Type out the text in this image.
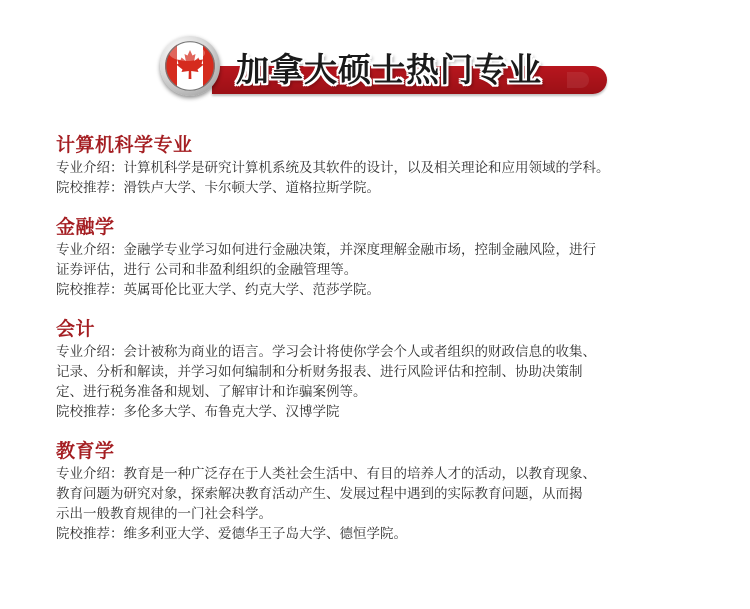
加拿大硕士热门专业
计算机科学专业
专业介绍：计算机科学是研究计算机系统及其软件的设计，以及相关理论和应用领域的学科。
院校推荐：滑铁卢大学、卡尔顿大学、道格拉斯学院。
金融学
专业介绍：金融学专业学习如何进行金融决策，并深度理解金融市场，控制金融风险，进行
证券评估，进行 公司和非盈利组织的金融管理等。
院校推荐：英属哥伦比亚大学、约克大学、范莎学院。
会计
专业介绍：会计被称为商业的语言。学习会计将使你学会个人或者组织的财政信息的收集、
记录、分析和解读，并学习如何编制和分析财务报表、进行风险评估和控制、协助决策制
定、进行税务准备和规划、了解审计和诈骗案例等。
院校推荐：多伦多大学、布鲁克大学、汉博学院
教育学
专业介绍：教育是一种广泛存在于人类社会生活中、有目的培养人才的活动，以教育现象、
教育问题为研究对象，探索解决教育活动产生、发展过程中遇到的实际教育问题，从而揭
示出一般教育规律的一门社会科学。
院校推荐：维多利亚大学、爱德华王子岛大学、德恒学院。
